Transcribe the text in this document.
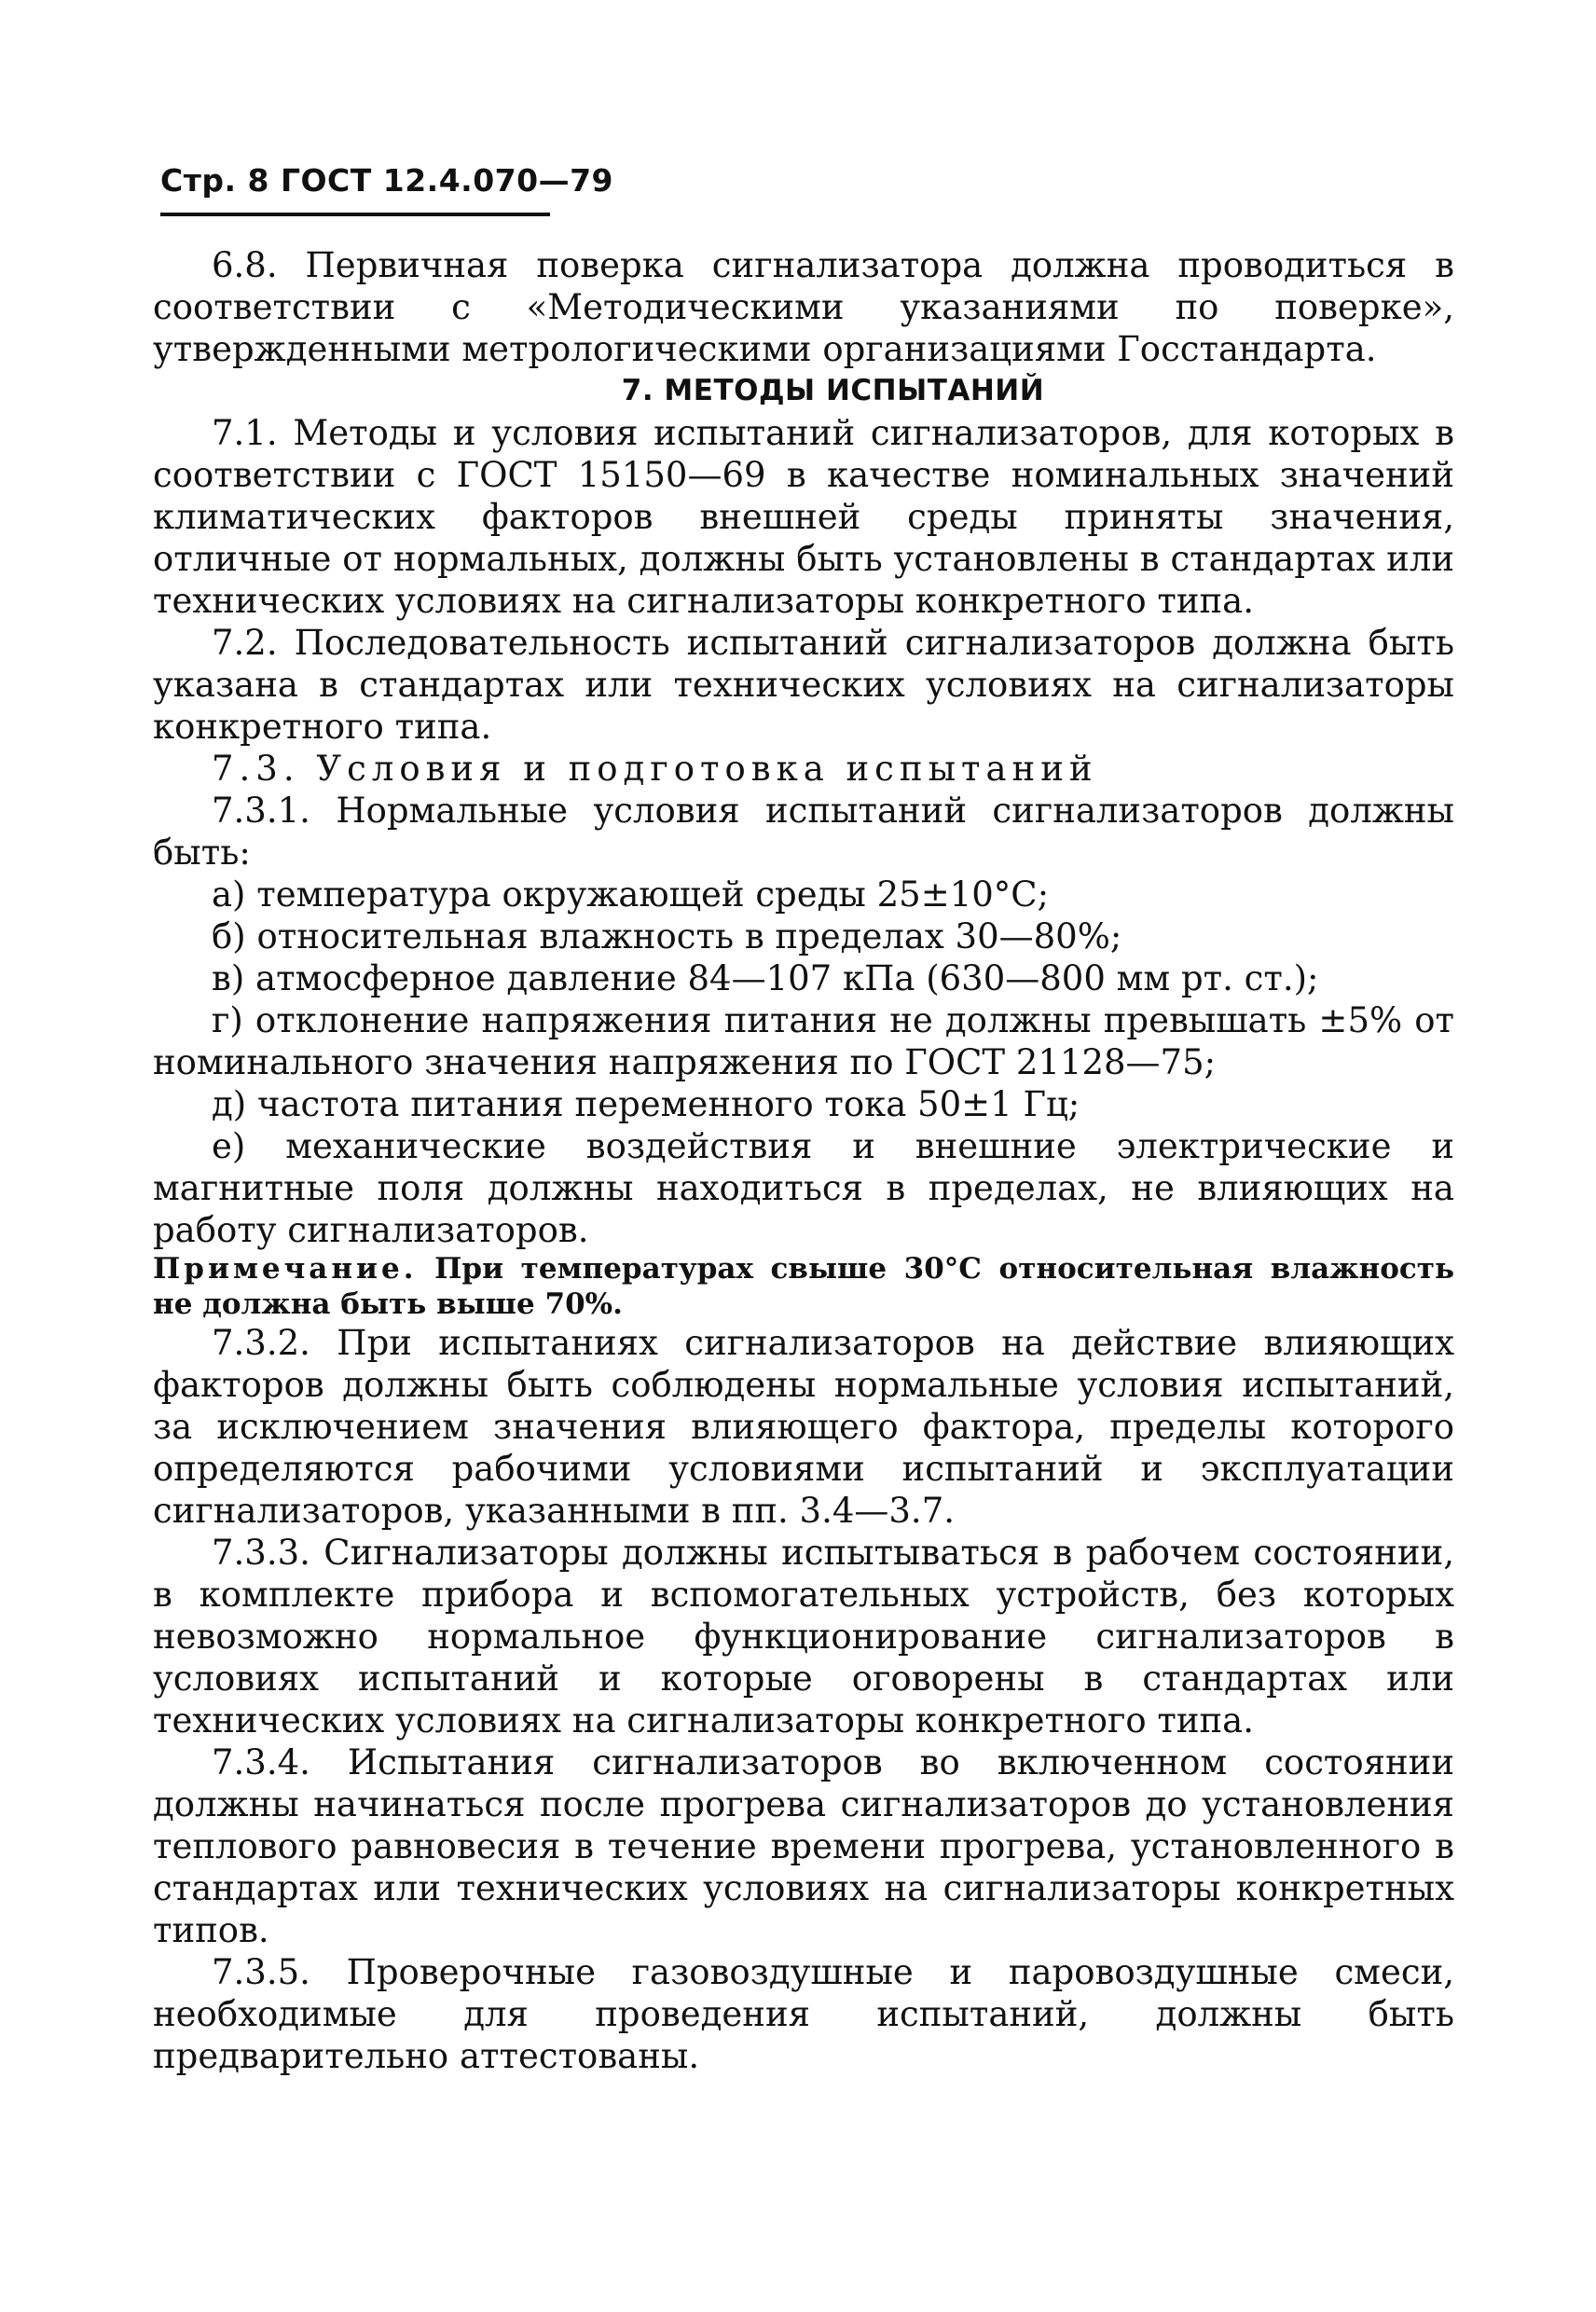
Стр. 8 ГОСТ 12.4.070—79

6.8. Первичная поверка сигнализатора должна проводиться в соответствии с «Методическими указаниями по поверке», утвержденными метрологическими организациями Госстандарта.

7. МЕТОДЫ ИСПЫТАНИЙ

7.1. Методы и условия испытаний сигнализаторов, для которых в соответствии с ГОСТ 15150—69 в качестве номинальных значений климатических факторов внешней среды приняты значения, отличные от нормальных, должны быть установлены в стандартах или технических условиях на сигнализаторы конкретного типа.

7.2. Последовательность испытаний сигнализаторов должна быть указана в стандартах или технических условиях на сигнализаторы конкретного типа.

7.3. Условия и подготовка испытаний

7.3.1. Нормальные условия испытаний сигнализаторов должны быть:

а) температура окружающей среды 25±10°С;

б) относительная влажность в пределах 30—80%;

в) атмосферное давление 84—107 кПа (630—800 мм рт. ст.);

г) отклонение напряжения питания не должны превышать ±5% от номинального значения напряжения по ГОСТ 21128—75;

д) частота питания переменного тока 50±1 Гц;

е) механические воздействия и внешние электрические и магнитные поля должны находиться в пределах, не влияющих на работу сигнализаторов.

Примечание. При температурах свыше 30°С относительная влажность не должна быть выше 70%.

7.3.2. При испытаниях сигнализаторов на действие влияющих факторов должны быть соблюдены нормальные условия испытаний, за исключением значения влияющего фактора, пределы которого определяются рабочими условиями испытаний и эксплуатации сигнализаторов, указанными в пп. 3.4—3.7.

7.3.3. Сигнализаторы должны испытываться в рабочем состоянии, в комплекте прибора и вспомогательных устройств, без которых невозможно нормальное функционирование сигнализаторов в условиях испытаний и которые оговорены в стандартах или технических условиях на сигнализаторы конкретного типа.

7.3.4. Испытания сигнализаторов во включенном состоянии должны начинаться после прогрева сигнализаторов до установления теплового равновесия в течение времени прогрева, установленного в стандартах или технических условиях на сигнализаторы конкретных типов.

7.3.5. Проверочные газовоздушные и паровоздушные смеси, необходимые для проведения испытаний, должны быть предварительно аттестованы.
